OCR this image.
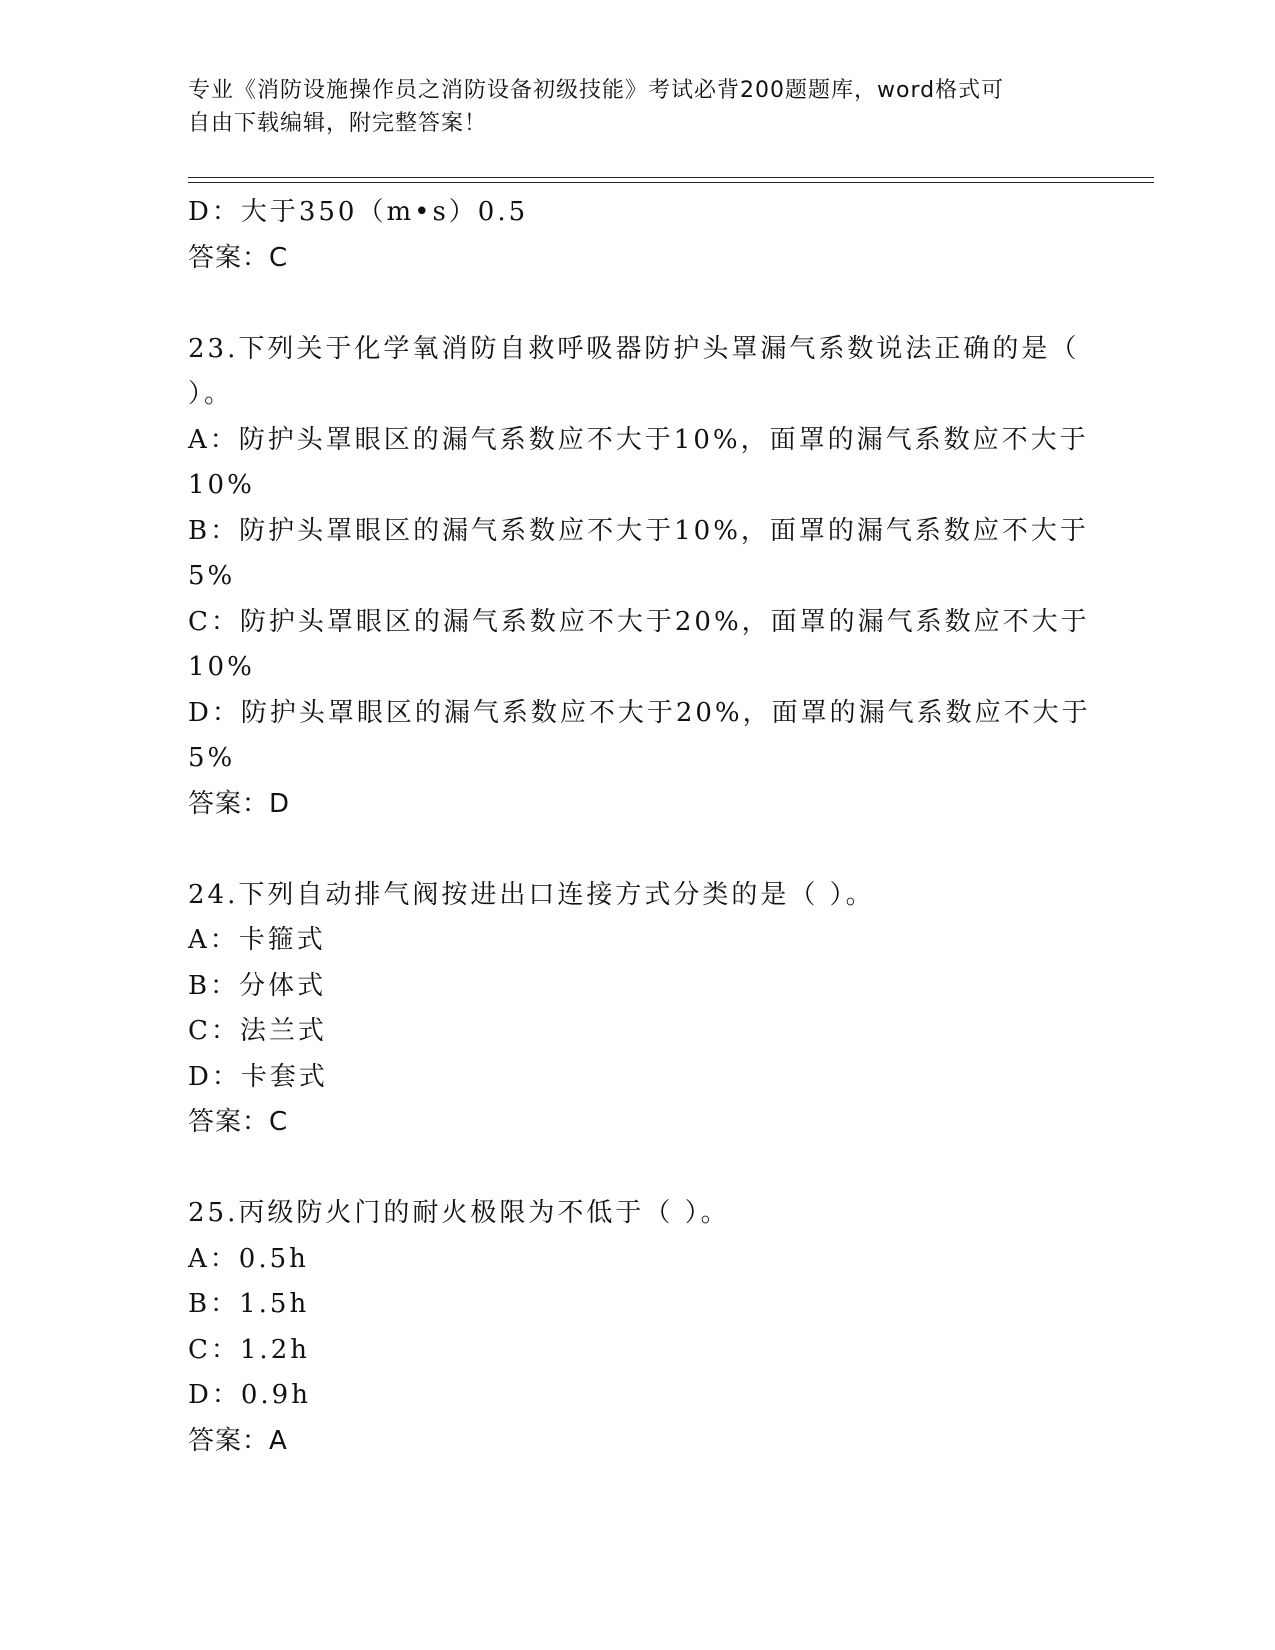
专业《消防设施操作员之消防设备初级技能》考试必背200题题库，word格式可
自由下载编辑，附完整答案！
D：大于350（m•s）0.5
答案：C
23.下列关于化学氧消防自救呼吸器防护头罩漏气系数说法正确的是（
）。
A：防护头罩眼区的漏气系数应不大于10%，面罩的漏气系数应不大于
10%
B：防护头罩眼区的漏气系数应不大于10%，面罩的漏气系数应不大于
5%
C：防护头罩眼区的漏气系数应不大于20%，面罩的漏气系数应不大于
10%
D：防护头罩眼区的漏气系数应不大于20%，面罩的漏气系数应不大于
5%
答案：D
24.下列自动排气阀按进出口连接方式分类的是（ ）。
A：卡箍式
B：分体式
C：法兰式
D：卡套式
答案：C
25.丙级防火门的耐火极限为不低于（ ）。
A：0.5h
B：1.5h
C：1.2h
D：0.9h
答案：A
